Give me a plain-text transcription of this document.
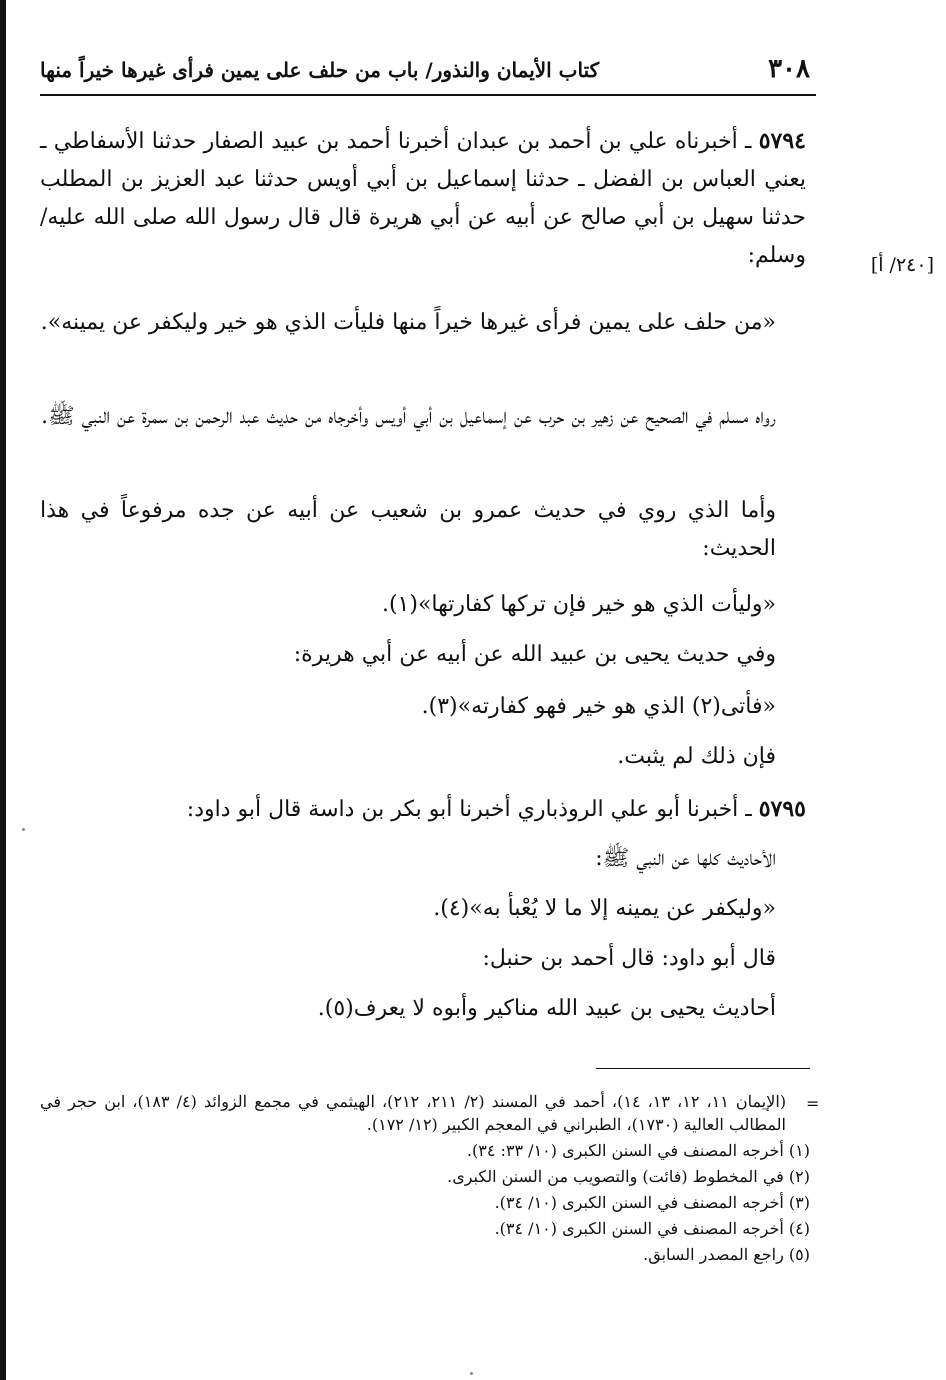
٣٠٨
كتاب الأيمان والنذور/ باب من حلف على يمين فرأى غيرها خيراً منها
٥٧٩٤ ـ أخبرناه علي بن أحمد بن عبدان أخبرنا أحمد بن عبيد الصفار حدثنا الأسفاطي ـ يعني العباس بن الفضل ـ حدثنا إسماعيل بن أبي أويس حدثنا عبد العزيز بن المطلب حدثنا سهيل بن أبي صالح عن أبيه عن أبي هريرة قال قال رسول الله صلى الله عليه/ وسلم:	[٢٤٠/ أ]
«من حلف على يمين فرأى غيرها خيراً منها فليأت الذي هو خير وليكفر عن يمينه».
رواه مسلم في الصحيح عن زهير بن حرب عن إسماعيل بن أبي أويس وأخرجاه من حديث عبد الرحمن بن سمرة عن النبي ﷺ.
وأما الذي روي في حديث عمرو بن شعيب عن أبيه عن جده مرفوعاً في هذا الحديث:
«وليأت الذي هو خير فإن تركها كفارتها»(١).
وفي حديث يحيى بن عبيد الله عن أبيه عن أبي هريرة:
«فأتى(٢) الذي هو خير فهو كفارته»(٣).
فإن ذلك لم يثبت.
٥٧٩٥ ـ أخبرنا أبو علي الروذباري أخبرنا أبو بكر بن داسة قال أبو داود:
الأحاديث كلها عن النبي ﷺ:
«وليكفر عن يمينه إلا ما لا يُعْبأ به»(٤).
قال أبو داود: قال أحمد بن حنبل:
أحاديث يحيى بن عبيد الله مناكير وأبوه لا يعرف(٥).
=

(الإيمان ١١، ١٢، ١٣، ١٤)، أحمد في المسند (٢/ ٢١١، ٢١٢)، الهيثمي في مجمع الزوائد (٤/ ١٨٣)، ابن حجر في المطالب العالية (١٧٣٠)، الطبراني في المعجم الكبير (١٢/ ١٧٢).

(١) أخرجه المصنف في السنن الكبرى (١٠/ ٣٣: ٣٤).

(٢) في المخطوط (فائت) والتصويب من السنن الكبرى.

(٣) أخرجه المصنف في السنن الكبرى (١٠/ ٣٤).

(٤) أخرجه المصنف في السنن الكبرى (١٠/ ٣٤).

(٥) راجع المصدر السابق.
